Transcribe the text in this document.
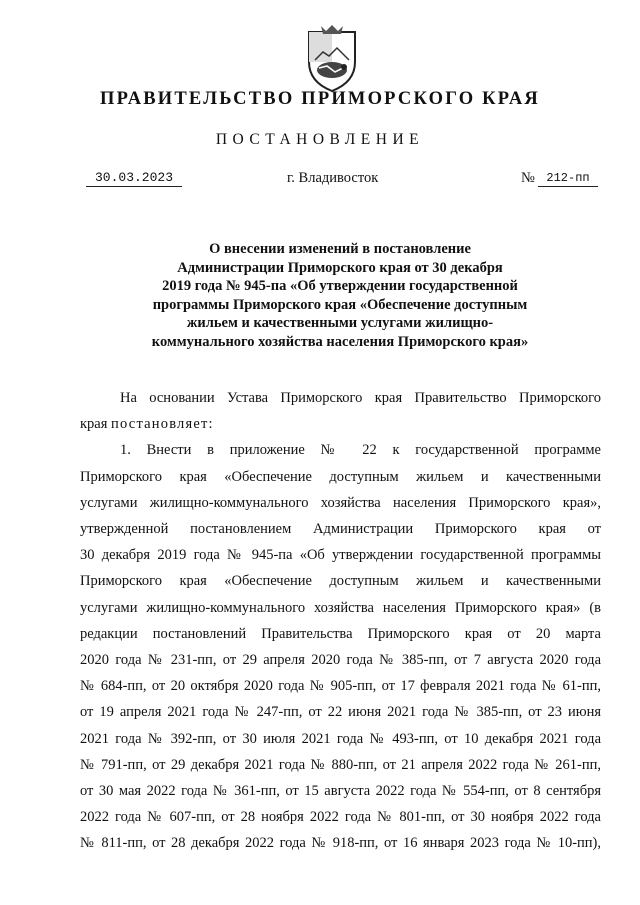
ПРАВИТЕЛЬСТВО ПРИМОРСКОГО КРАЯ
ПОСТАНОВЛЕНИЕ
30.03.2023	г. Владивосток	№ 212-пп
О внесении изменений в постановление
Администрации Приморского края от 30 декабря
2019 года № 945-па «Об утверждении государственной
программы Приморского края «Обеспечение доступным
жильем и качественными услугами жилищно-
коммунального хозяйства населения Приморского края»
На основании Устава Приморского края Правительство Приморского
края постановляет:
1. Внести в приложение № 22 к государственной программе
Приморского края «Обеспечение доступным жильем и качественными
услугами жилищно-коммунального хозяйства населения Приморского края»,
утвержденной постановлением Администрации Приморского края от
30 декабря 2019 года № 945-па «Об утверждении государственной программы
Приморского края «Обеспечение доступным жильем и качественными
услугами жилищно-коммунального хозяйства населения Приморского края» (в
редакции постановлений Правительства Приморского края от 20 марта
2020 года № 231-пп, от 29 апреля 2020 года № 385-пп, от 7 августа 2020 года
№ 684-пп, от 20 октября 2020 года № 905-пп, от 17 февраля 2021 года № 61-пп,
от 19 апреля 2021 года № 247-пп, от 22 июня 2021 года № 385-пп, от 23 июня
2021 года № 392-пп, от 30 июля 2021 года № 493-пп, от 10 декабря 2021 года
№ 791-пп, от 29 декабря 2021 года № 880-пп, от 21 апреля 2022 года № 261-пп,
от 30 мая 2022 года № 361-пп, от 15 августа 2022 года № 554-пп, от 8 сентября
2022 года № 607-пп, от 28 ноября 2022 года № 801-пп, от 30 ноября 2022 года
№ 811-пп, от 28 декабря 2022 года № 918-пп, от 16 января 2023 года № 10-пп),
